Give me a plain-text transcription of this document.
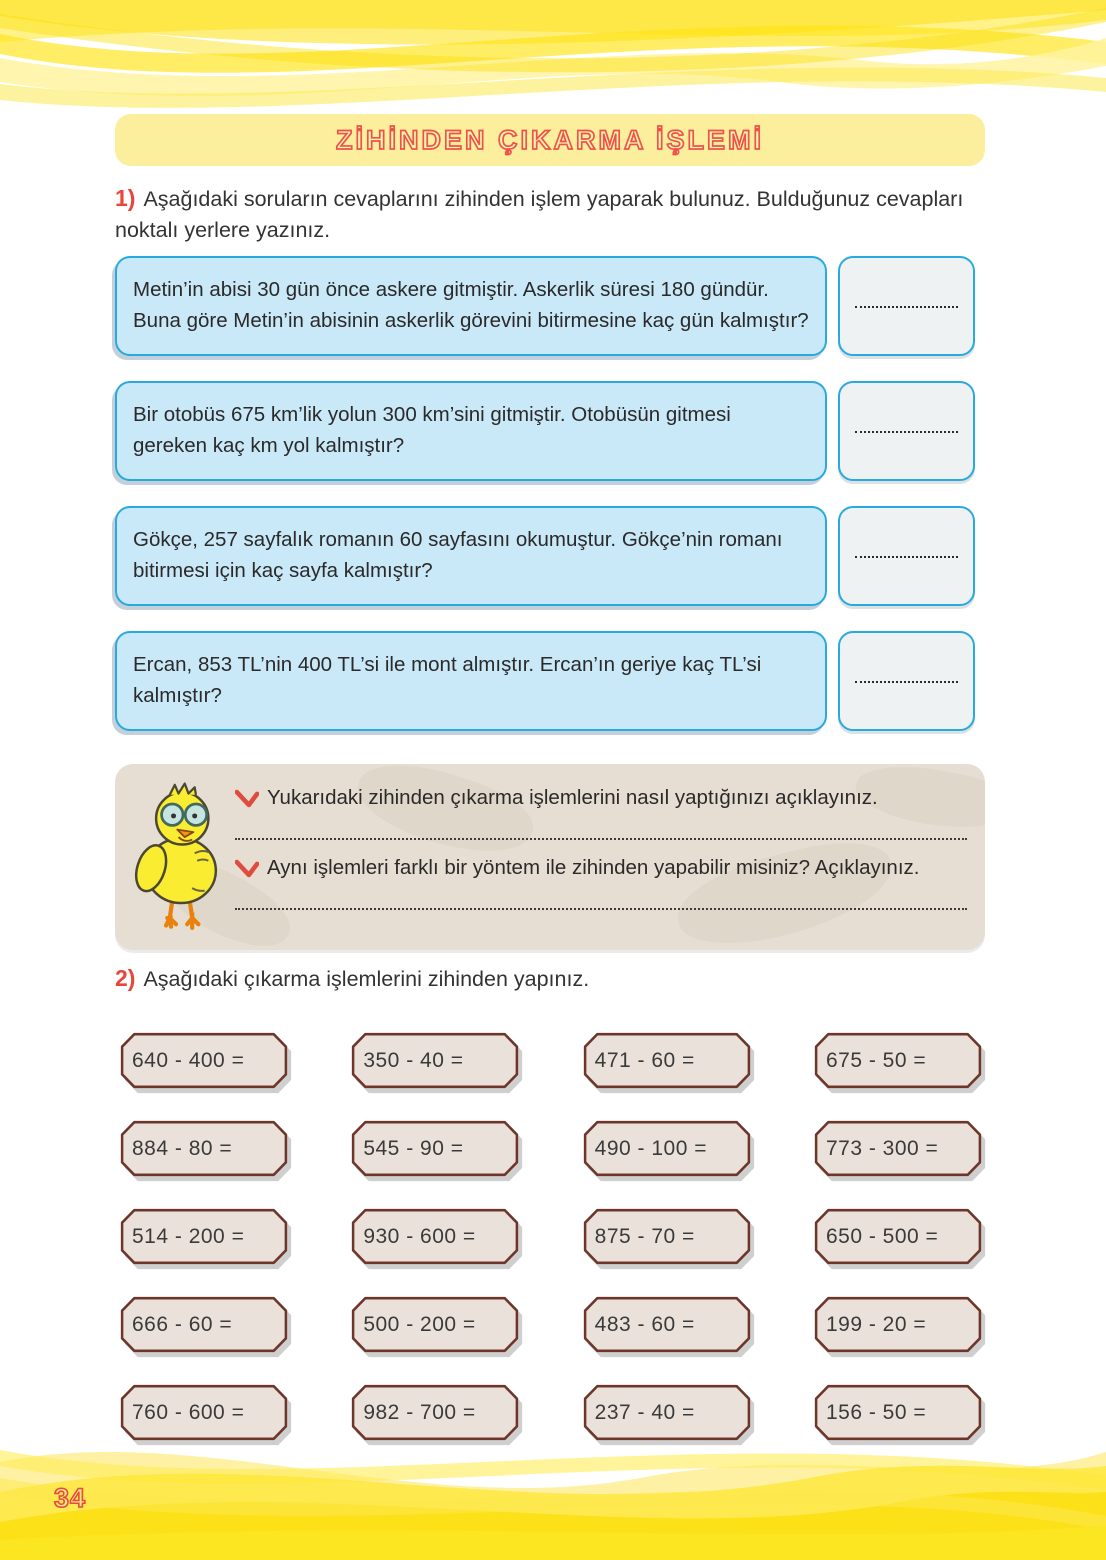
ZİHİNDEN ÇIKARMA İŞLEMİ
1) Aşağıdaki soruların cevaplarını zihinden işlem yaparak bulunuz. Bulduğunuz cevapları noktalı yerlere yazınız.
Metin’in abisi 30 gün önce askere gitmiştir. Askerlik süresi 180 gündür. Buna göre Metin’in abisinin askerlik görevini bitirmesine kaç gün kalmıştır?
Bir otobüs 675 km’lik yolun 300 km’sini gitmiştir. Otobüsün gitmesi gereken kaç km yol kalmıştır?
Gökçe, 257 sayfalık romanın 60 sayfasını okumuştur. Gökçe’nin romanı bitirmesi için kaç sayfa kalmıştır?
Ercan, 853 TL’nin 400 TL’si ile mont almıştır. Ercan’ın geriye kaç TL’si kalmıştır?
Yukarıdaki zihinden çıkarma işlemlerini nasıl yaptığınızı açıklayınız.
Aynı işlemleri farklı bir yöntem ile zihinden yapabilir misiniz? Açıklayınız.
2) Aşağıdaki çıkarma işlemlerini zihinden yapınız.
640 - 400 =	350 - 40 =	471 - 60 =	675 - 50 =
884 - 80 =	545 - 90 =	490 - 100 =	773 - 300 =
514 - 200 =	930 - 600 =	875 - 70 =	650 - 500 =
666 - 60 =	500 - 200 =	483 - 60 =	199 - 20 =
760 - 600 =	982 - 700 =	237 - 40 =	156 - 50 =
34
